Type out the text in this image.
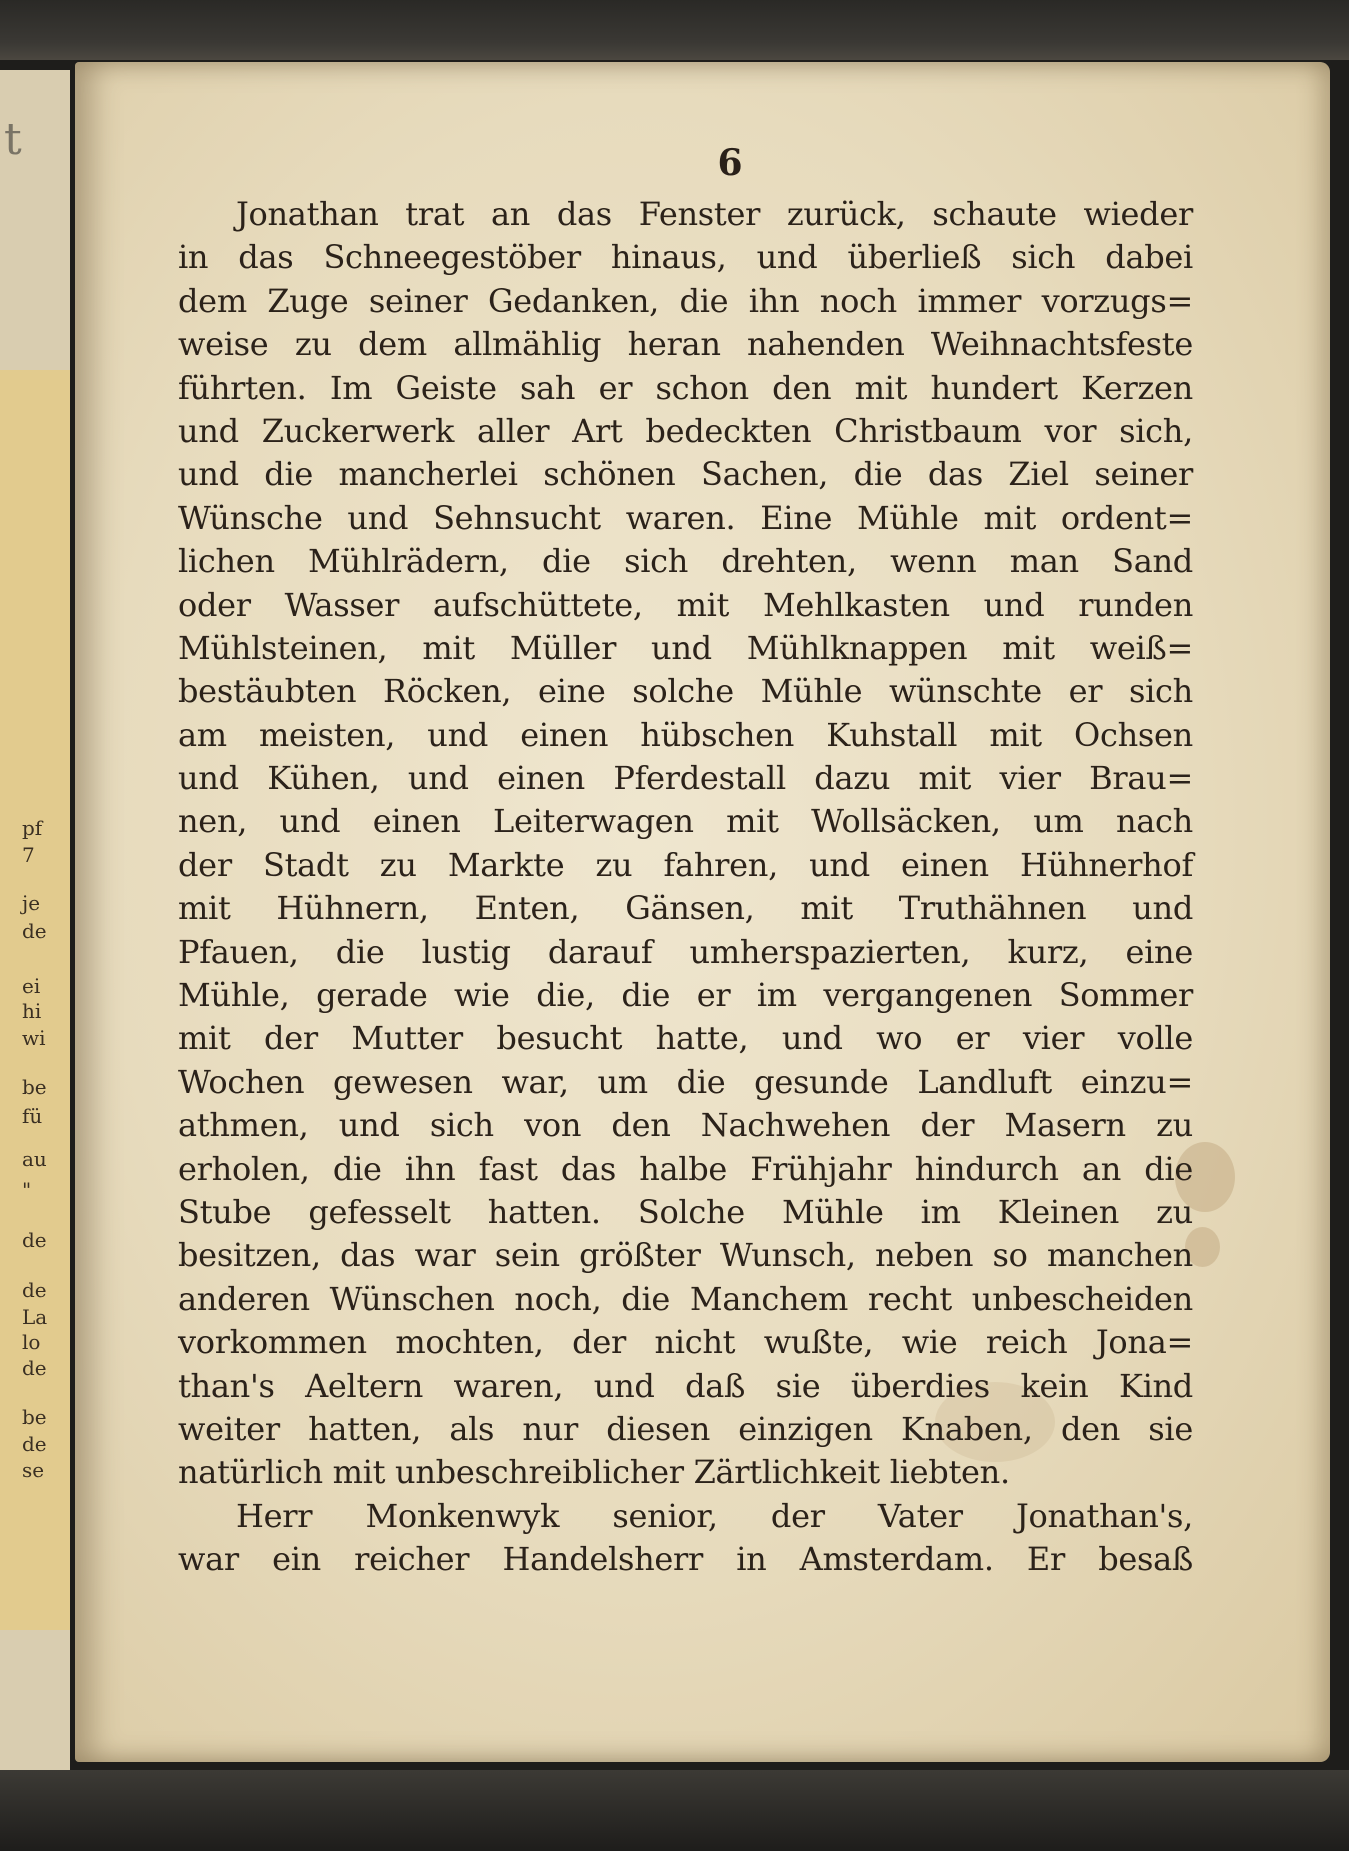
t
pf
7
je
de
ei
hi
wi
be
fü
au
"
de
de
La
lo
de
be
de
se
6
Jonathan trat an das Fenster zurück, schaute wieder
in das Schneegestöber hinaus, und überließ sich dabei
dem Zuge seiner Gedanken, die ihn noch immer vorzugs=
weise zu dem allmählig heran nahenden Weihnachtsfeste
führten. Im Geiste sah er schon den mit hundert Kerzen
und Zuckerwerk aller Art bedeckten Christbaum vor sich,
und die mancherlei schönen Sachen, die das Ziel seiner
Wünsche und Sehnsucht waren. Eine Mühle mit ordent=
lichen Mühlrädern, die sich drehten, wenn man Sand
oder Wasser aufschüttete, mit Mehlkasten und runden
Mühlsteinen, mit Müller und Mühlknappen mit weiß=
bestäubten Röcken, eine solche Mühle wünschte er sich
am meisten, und einen hübschen Kuhstall mit Ochsen
und Kühen, und einen Pferdestall dazu mit vier Brau=
nen, und einen Leiterwagen mit Wollsäcken, um nach
der Stadt zu Markte zu fahren, und einen Hühnerhof
mit Hühnern, Enten, Gänsen, mit Truthähnen und
Pfauen, die lustig darauf umherspazierten, kurz, eine
Mühle, gerade wie die, die er im vergangenen Sommer
mit der Mutter besucht hatte, und wo er vier volle
Wochen gewesen war, um die gesunde Landluft einzu=
athmen, und sich von den Nachwehen der Masern zu
erholen, die ihn fast das halbe Frühjahr hindurch an die
Stube gefesselt hatten. Solche Mühle im Kleinen zu
besitzen, das war sein größter Wunsch, neben so manchen
anderen Wünschen noch, die Manchem recht unbescheiden
vorkommen mochten, der nicht wußte, wie reich Jona=
than's Aeltern waren, und daß sie überdies kein Kind
weiter hatten, als nur diesen einzigen Knaben, den sie
natürlich mit unbeschreiblicher Zärtlichkeit liebten.
Herr Monkenwyk senior, der Vater Jonathan's,
war ein reicher Handelsherr in Amsterdam. Er besaß
